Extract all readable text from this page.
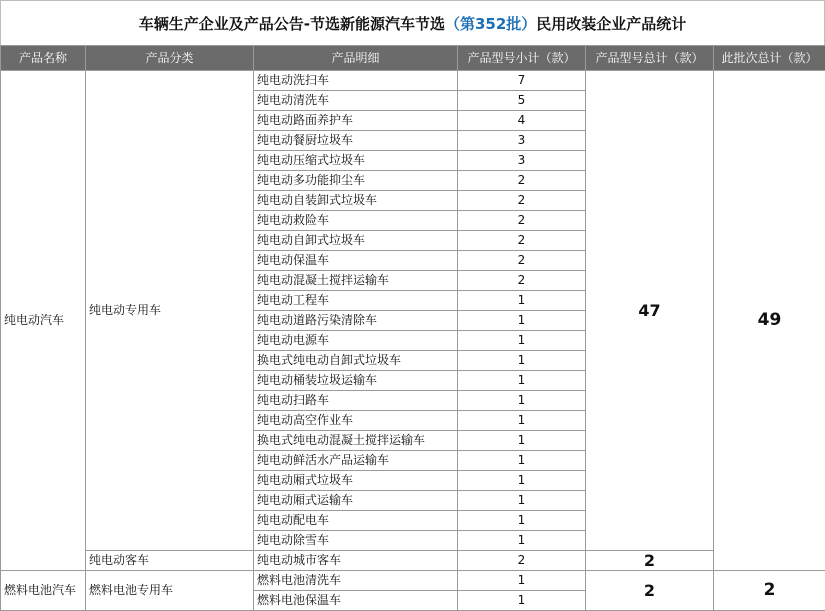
车辆生产企业及产品公告-节选新能源汽车节选 （第352批） 民用改装企业产品统计
产品名称	产品分类	产品明细	产品型号小计（款）	产品型号总计（款）	此批次总计（款）
纯电动汽车	纯电动专用车	纯电动洗扫车	7	47	49
		纯电动清洗车	5		
		纯电动路面养护车	4		
		纯电动餐厨垃圾车	3		
		纯电动压缩式垃圾车	3		
		纯电动多功能抑尘车	2		
		纯电动自装卸式垃圾车	2		
		纯电动救险车	2		
		纯电动自卸式垃圾车	2		
		纯电动保温车	2		
		纯电动混凝土搅拌运输车	2		
		纯电动工程车	1		
		纯电动道路污染清除车	1		
		纯电动电源车	1		
		换电式纯电动自卸式垃圾车	1		
		纯电动桶装垃圾运输车	1		
		纯电动扫路车	1		
		纯电动高空作业车	1		
		换电式纯电动混凝土搅拌运输车	1		
		纯电动鲜活水产品运输车	1		
		纯电动厢式垃圾车	1		
		纯电动厢式运输车	1		
		纯电动配电车	1		
		纯电动除雪车	1		
	纯电动客车	纯电动城市客车	2	2	
燃料电池汽车	燃料电池专用车	燃料电池清洗车	1	2	2
		燃料电池保温车	1		
